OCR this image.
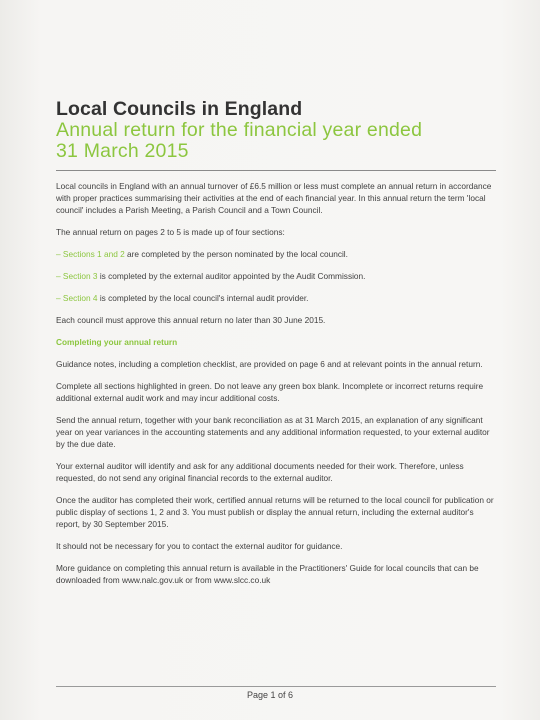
Local Councils in England
Annual return for the financial year ended
31 March 2015

Local councils in England with an annual turnover of £6.5 million or less must complete an annual return in accordance with proper practices summarising their activities at the end of each financial year. In this annual return the term 'local council' includes a Parish Meeting, a Parish Council and a Town Council.

The annual return on pages 2 to 5 is made up of four sections:

– Sections 1 and 2 are completed by the person nominated by the local council.

– Section 3 is completed by the external auditor appointed by the Audit Commission.

– Section 4 is completed by the local council's internal audit provider.

Each council must approve this annual return no later than 30 June 2015.

Completing your annual return

Guidance notes, including a completion checklist, are provided on page 6 and at relevant points in the annual return.

Complete all sections highlighted in green. Do not leave any green box blank. Incomplete or incorrect returns require additional external audit work and may incur additional costs.

Send the annual return, together with your bank reconciliation as at 31 March 2015, an explanation of any significant year on year variances in the accounting statements and any additional information requested, to your external auditor by the due date.

Your external auditor will identify and ask for any additional documents needed for their work. Therefore, unless requested, do not send any original financial records to the external auditor.

Once the auditor has completed their work, certified annual returns will be returned to the local council for publication or public display of sections 1, 2 and 3. You must publish or display the annual return, including the external auditor's report, by 30 September 2015.

It should not be necessary for you to contact the external auditor for guidance.

More guidance on completing this annual return is available in the Practitioners' Guide for local councils that can be downloaded from www.nalc.gov.uk or from www.slcc.co.uk

Page 1 of 6
